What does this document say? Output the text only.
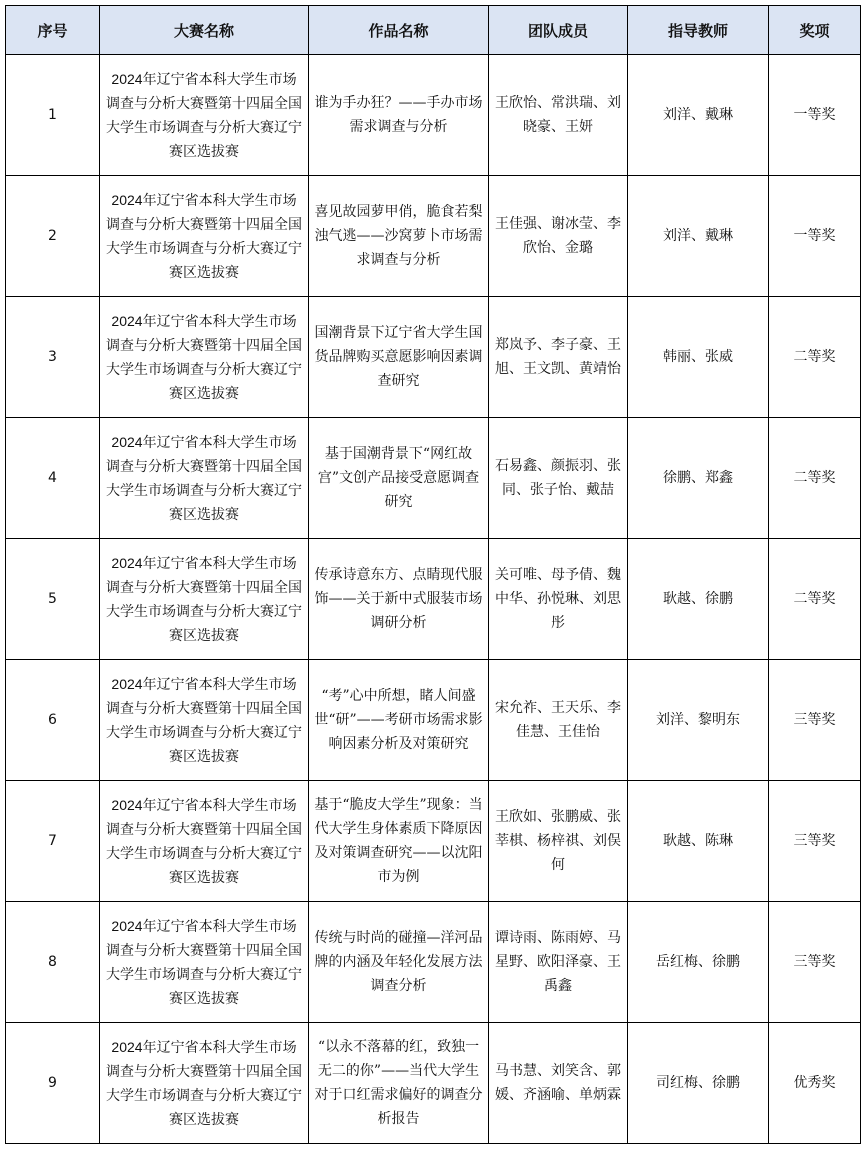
序号	大赛名称	作品名称	团队成员	指导教师	奖项
1	2024年辽宁省本科大学生市场调查与分析大赛暨第十四届全国大学生市场调查与分析大赛辽宁赛区选拔赛	谁为手办狂？——手办市场需求调查与分析	王欣怡、常洪瑞、刘晓豪、王妍	刘洋、戴琳	一等奖
2	2024年辽宁省本科大学生市场调查与分析大赛暨第十四届全国大学生市场调查与分析大赛辽宁赛区选拔赛	喜见故园萝甲俏，脆食若梨浊气逃——沙窝萝卜市场需求调查与分析	王佳强、谢冰莹、李欣怡、金璐	刘洋、戴琳	一等奖
3	2024年辽宁省本科大学生市场调查与分析大赛暨第十四届全国大学生市场调查与分析大赛辽宁赛区选拔赛	国潮背景下辽宁省大学生国货品牌购买意愿影响因素调查研究	郑岚予、李子豪、王旭、王文凯、黄靖怡	韩丽、张威	二等奖
4	2024年辽宁省本科大学生市场调查与分析大赛暨第十四届全国大学生市场调查与分析大赛辽宁赛区选拔赛	基于国潮背景下“网红故宫”文创产品接受意愿调查研究	石易鑫、颜振羽、张同、张子怡、戴喆	徐鹏、郑鑫	二等奖
5	2024年辽宁省本科大学生市场调查与分析大赛暨第十四届全国大学生市场调查与分析大赛辽宁赛区选拔赛	传承诗意东方、点睛现代服饰——关于新中式服装市场调研分析	关可唯、母予倩、魏中华、孙悦琳、刘思彤	耿越、徐鹏	二等奖
6	2024年辽宁省本科大学生市场调查与分析大赛暨第十四届全国大学生市场调查与分析大赛辽宁赛区选拔赛	“考”心中所想，睹人间盛世“研”——考研市场需求影响因素分析及对策研究	宋允祚、王天乐、李佳慧、王佳怡	刘洋、黎明东	三等奖
7	2024年辽宁省本科大学生市场调查与分析大赛暨第十四届全国大学生市场调查与分析大赛辽宁赛区选拔赛	基于“脆皮大学生”现象：当代大学生身体素质下降原因及对策调查研究——以沈阳市为例	王欣如、张鹏威、张莘棋、杨梓祺、刘俣何	耿越、陈琳	三等奖
8	2024年辽宁省本科大学生市场调查与分析大赛暨第十四届全国大学生市场调查与分析大赛辽宁赛区选拔赛	传统与时尚的碰撞—洋河品牌的内涵及年轻化发展方法调查分析	谭诗雨、陈雨婷、马星野、欧阳泽豪、王禹鑫	岳红梅、徐鹏	三等奖
9	2024年辽宁省本科大学生市场调查与分析大赛暨第十四届全国大学生市场调查与分析大赛辽宁赛区选拔赛	“以永不落幕的红，致独一无二的你”——当代大学生对于口红需求偏好的调查分析报告	马书慧、刘笑含、郭媛、齐涵喻、单炳霖	司红梅、徐鹏	优秀奖
